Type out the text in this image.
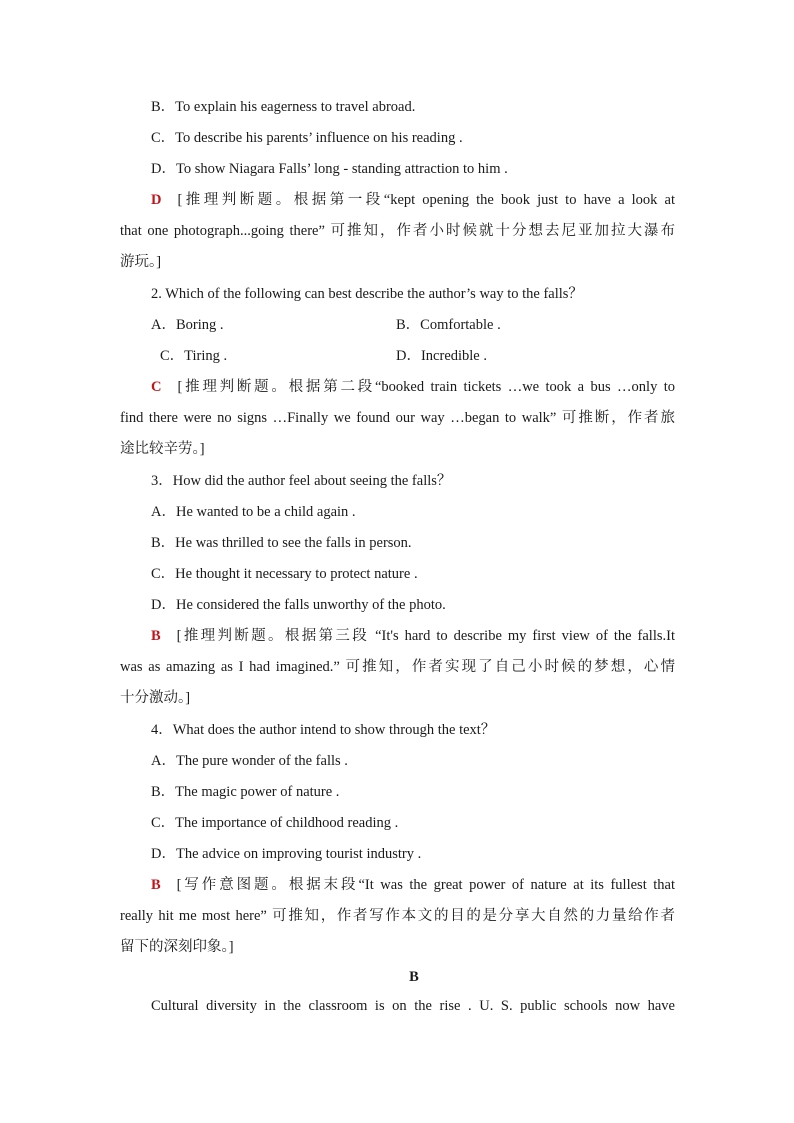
B．To explain his eagerness to travel abroad.
C．To describe his parents’ influence on his reading .
D．To show Niagara Falls’ long - standing attraction to him .
D [推理判断题。根据第一段“kept opening the book just to have a look at
that one photograph...going there” 可推知，作者小时候就十分想去尼亚加拉大瀑布
游玩。]
2. Which of the following can best describe the author’s way to the falls？
A．Boring .	B．Comfortable .
C．Tiring .	D．Incredible .
C [推理判断题。根据第二段“booked train tickets …we took a bus …only to
find there were no signs …Finally we found our way …began to walk” 可推断，作者旅
途比较辛劳。]
3．How did the author feel about seeing the falls？
A．He wanted to be a child again .
B．He was thrilled to see the falls in person.
C．He thought it necessary to protect nature .
D．He considered the falls unworthy of the photo.
B [推理判断题。根据第三段 “It's hard to describe my first view of the falls.It
was as amazing as I had imagined.” 可推知，作者实现了自己小时候的梦想，心情
十分激动。]
4．What does the author intend to show through the text？
A．The pure wonder of the falls .
B．The magic power of nature .
C．The importance of childhood reading .
D．The advice on improving tourist industry .
B [写作意图题。根据末段“It was the great power of nature at its fullest that
really hit me most here” 可推知，作者写作本文的目的是分享大自然的力量给作者
留下的深刻印象。]
B
Cultural diversity in the classroom is on the rise . U. S. public schools now have
